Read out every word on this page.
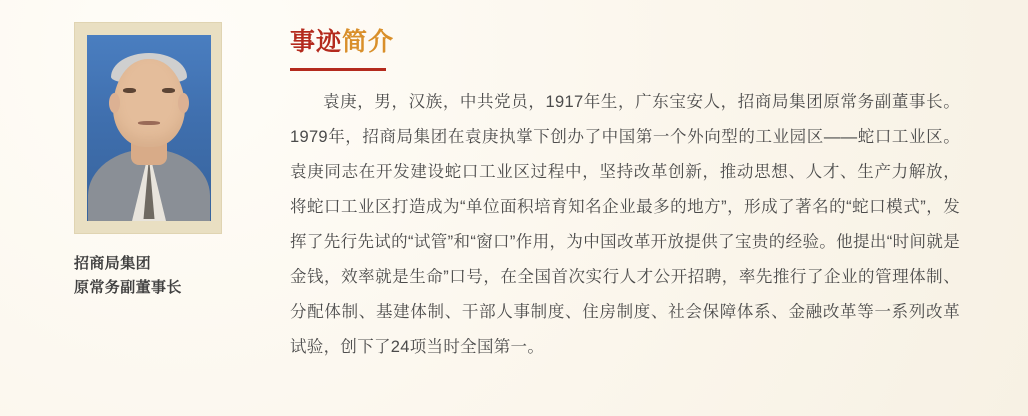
招商局集团
原常务副董事长
事迹简介
袁庚，男，汉族，中共党员，1917年生，广东宝安人，招商局集团原常务副董事长。1979年，招商局集团在袁庚执掌下创办了中国第一个外向型的工业园区——蛇口工业区。袁庚同志在开发建设蛇口工业区过程中，坚持改革创新，推动思想、人才、生产力解放，将蛇口工业区打造成为“单位面积培育知名企业最多的地方”，形成了著名的“蛇口模式”，发挥了先行先试的“试管”和“窗口”作用，为中国改革开放提供了宝贵的经验。他提出“时间就是金钱，效率就是生命”口号，在全国首次实行人才公开招聘，率先推行了企业的管理体制、分配体制、基建体制、干部人事制度、住房制度、社会保障体系、金融改革等一系列改革试验，创下了24项当时全国第一。
